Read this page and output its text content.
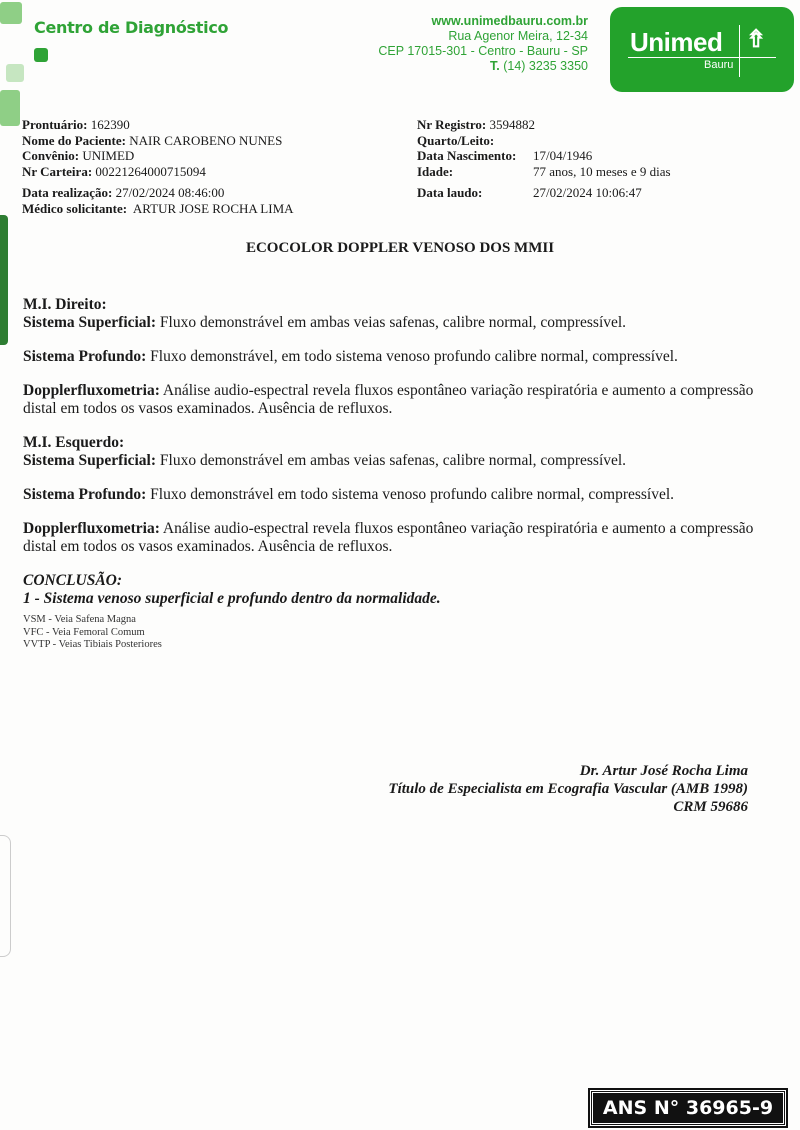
Centro de Diagnóstico	www.unimedbauru.com.br
Rua Agenor Meira, 12-34
CEP 17015-301 - Centro - Bauru - SP
T. (14) 3235 3350
Unimed ⇮
Bauru
Prontuário: 162390
Nome do Paciente: NAIR CAROBENO NUNES
Convênio: UNIMED
Nr Carteira: 00221264000715094
Data realização: 27/02/2024 08:46:00
Médico solicitante: ARTUR JOSE ROCHA LIMA
Nr Registro: 3594882
Quarto/Leito:
Data Nascimento: 17/04/1946
Idade:	77 anos, 10 meses e 9 dias
Data laudo:	27/02/2024 10:06:47
ECOCOLOR DOPPLER VENOSO DOS MMII
M.I. Direito:

Sistema Superficial: Fluxo demonstrável em ambas veias safenas, calibre normal, compressível.

Sistema Profundo: Fluxo demonstrável, em todo sistema venoso profundo calibre normal, compressível.

Dopplerfluxometria: Análise audio-espectral revela fluxos espontâneo variação respiratória e aumento a compressão distal em todos os vasos examinados. Ausência de refluxos.

M.I. Esquerdo:

Sistema Superficial: Fluxo demonstrável em ambas veias safenas, calibre normal, compressível.

Sistema Profundo: Fluxo demonstrável em todo sistema venoso profundo calibre normal, compressível.

Dopplerfluxometria: Análise audio-espectral revela fluxos espontâneo variação respiratória e aumento a compressão distal em todos os vasos examinados. Ausência de refluxos.

CONCLUSÃO:
1 - Sistema venoso superficial e profundo dentro da normalidade.
VSM - Veia Safena Magna
VFC - Veia Femoral Comum
VVTP - Veias Tibiais Posteriores
Dr. Artur José Rocha Lima
Título de Especialista em Ecografia Vascular (AMB 1998)
CRM 59686
ANS N° 36965-9
